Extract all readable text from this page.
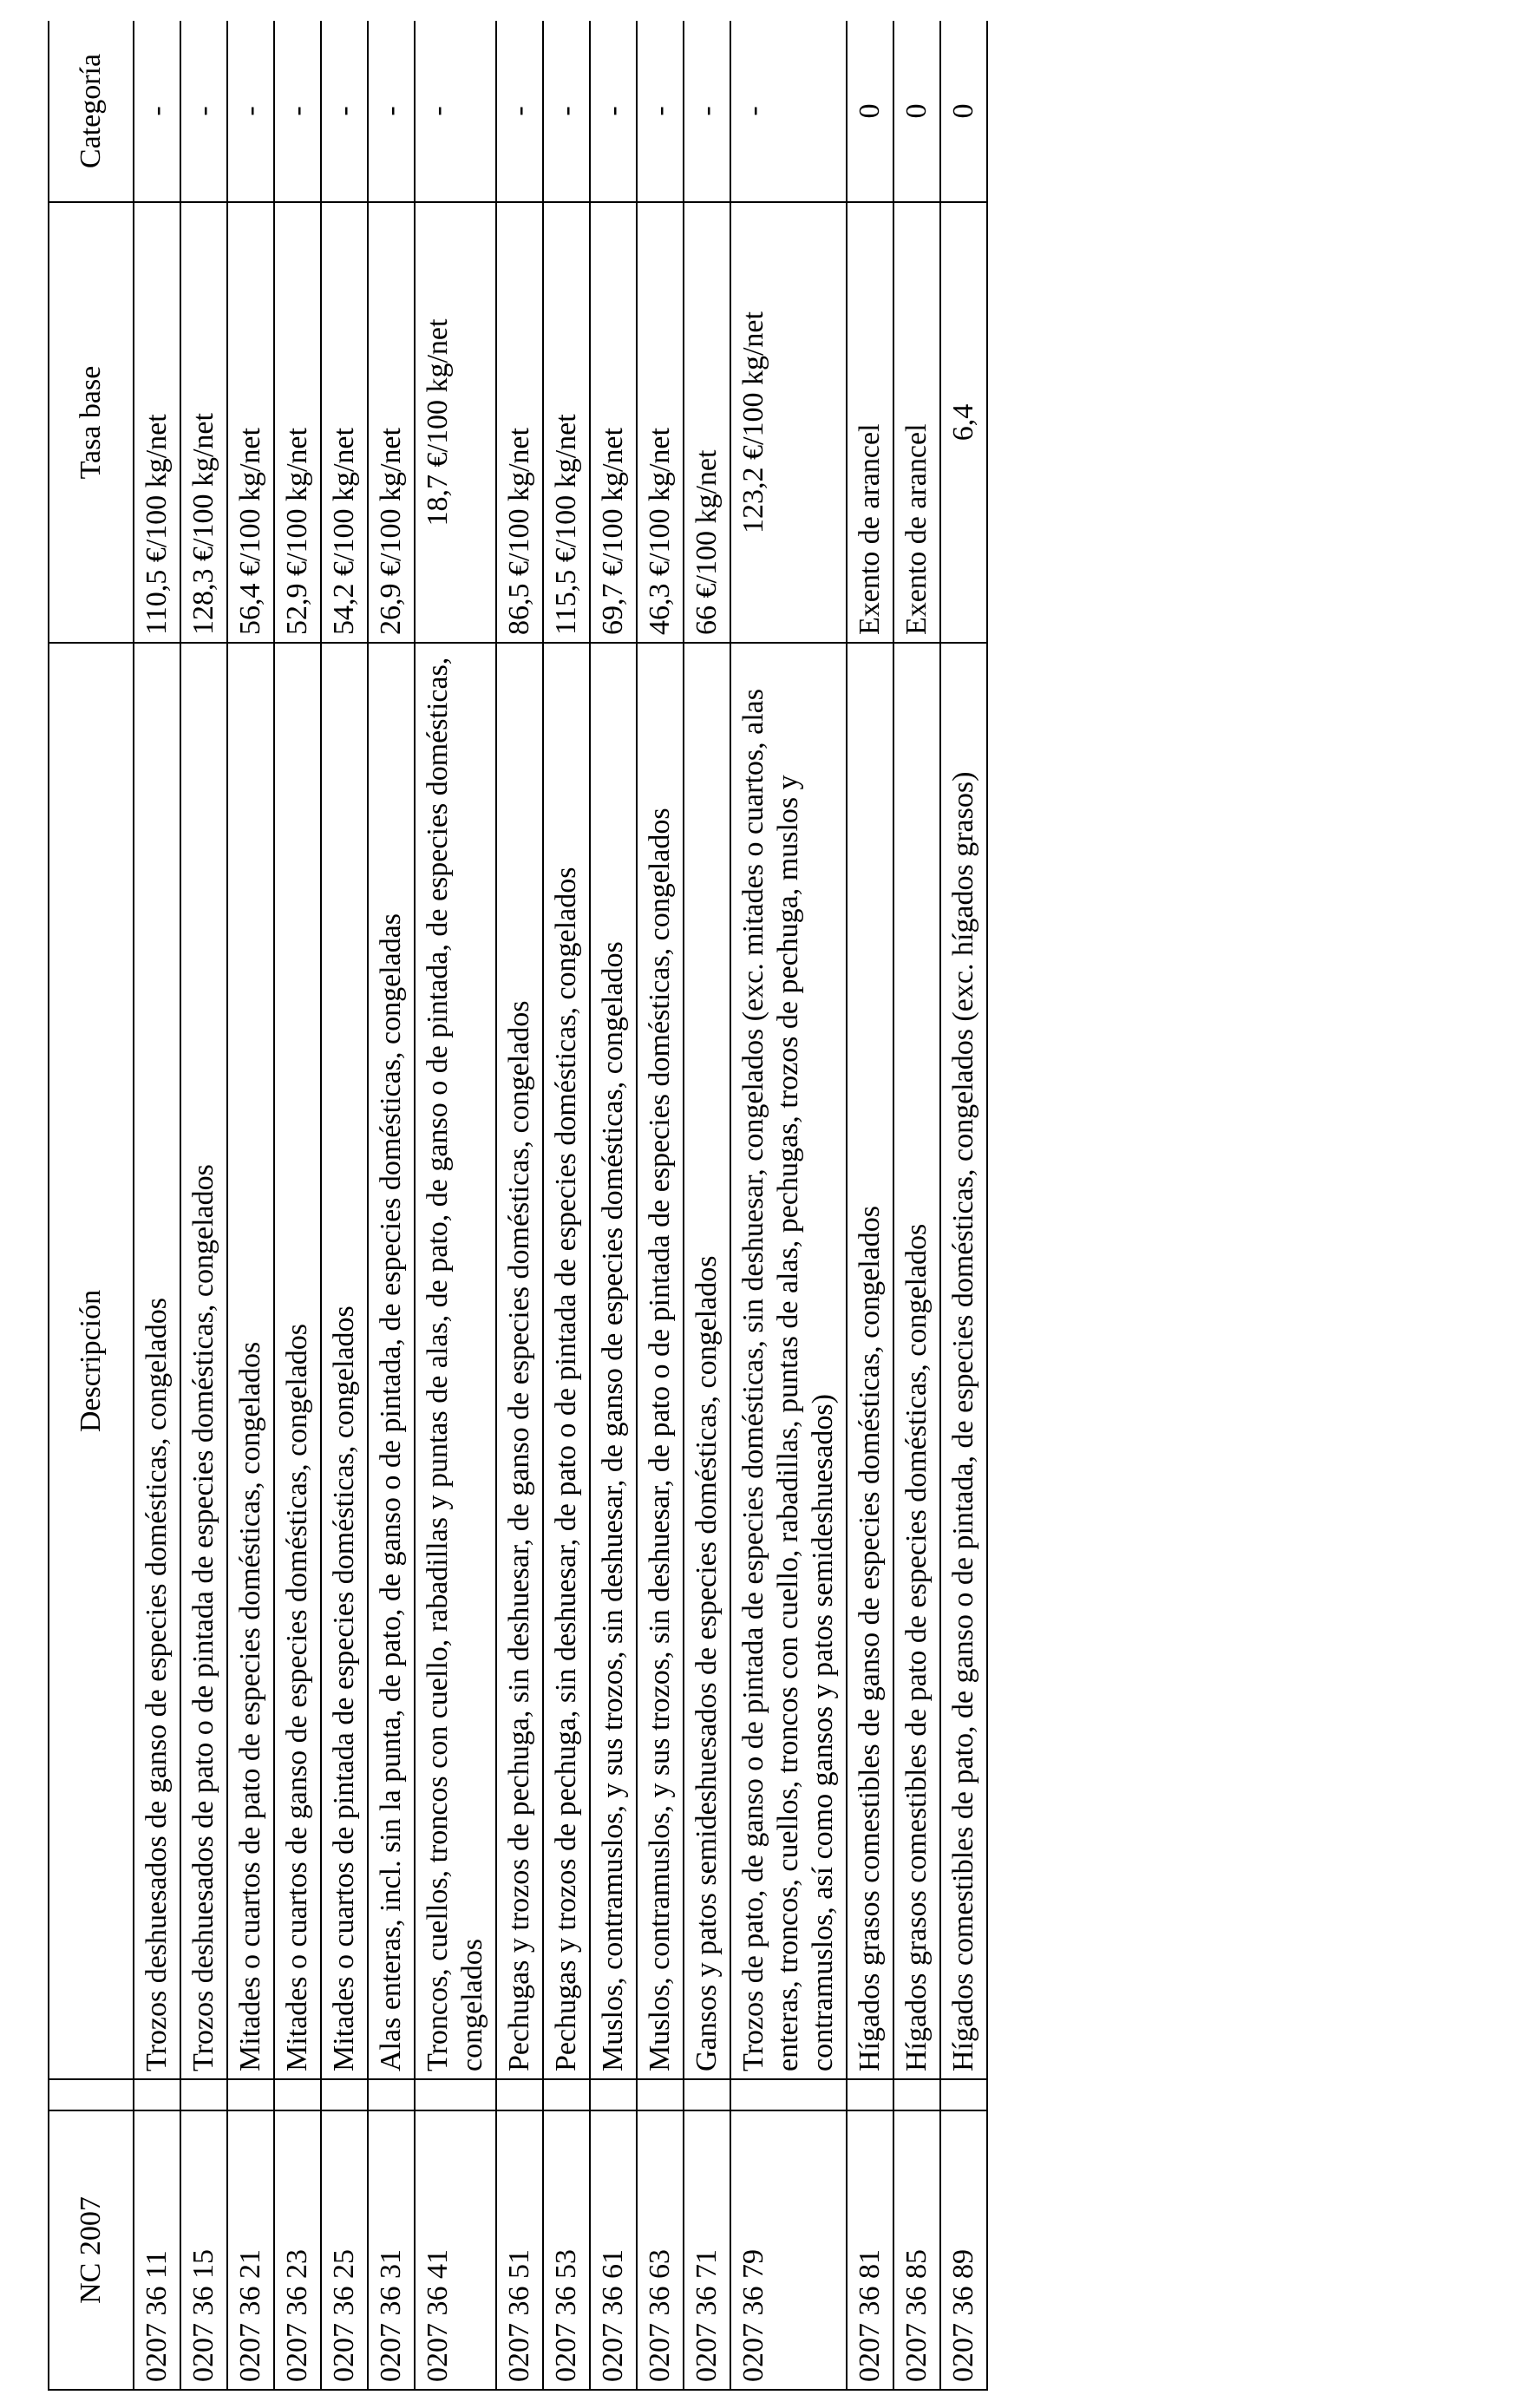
NC 2007		Descripción	Tasa base	Categoría
0207 36 11		Trozos deshuesados de ganso de especies domésticas, congelados	110,5 €/100 kg/net	-
0207 36 15		Trozos deshuesados de pato o de pintada de especies domésticas, congelados	128,3 €/100 kg/net	-
0207 36 21		Mitades o cuartos de pato de especies domésticas, congelados	56,4 €/100 kg/net	-
0207 36 23		Mitades o cuartos de ganso de especies domésticas, congelados	52,9 €/100 kg/net	-
0207 36 25		Mitades o cuartos de pintada de especies domésticas, congelados	54,2 €/100 kg/net	-
0207 36 31		Alas enteras, incl. sin la punta, de pato, de ganso o de pintada, de especies domésticas, congeladas	26,9 €/100 kg/net	-
0207 36 41		Troncos, cuellos, troncos con cuello, rabadillas y puntas de alas, de pato, de ganso o de pintada, de especies domésticas, congelados	18,7 €/100 kg/net	-
0207 36 51		Pechugas y trozos de pechuga, sin deshuesar, de ganso de especies domésticas, congelados	86,5 €/100 kg/net	-
0207 36 53		Pechugas y trozos de pechuga, sin deshuesar, de pato o de pintada de especies domésticas, congelados	115,5 €/100 kg/net	-
0207 36 61		Muslos, contramuslos, y sus trozos, sin deshuesar, de ganso de especies domésticas, congelados	69,7 €/100 kg/net	-
0207 36 63		Muslos, contramuslos, y sus trozos, sin deshuesar, de pato o de pintada de especies domésticas, congelados	46,3 €/100 kg/net	-
0207 36 71		Gansos y patos semideshuesados de especies domésticas, congelados	66 €/100 kg/net	-
0207 36 79		Trozos de pato, de ganso o de pintada de especies domésticas, sin deshuesar, congelados (exc. mitades o cuartos, alas enteras, troncos, cuellos, troncos con cuello, rabadillas, puntas de alas, pechugas, trozos de pechuga, muslos y contramuslos, así como gansos y patos semideshuesados)	123,2 €/100 kg/net	-
0207 36 81		Hígados grasos comestibles de ganso de especies domésticas, congelados	Exento de arancel	0
0207 36 85		Hígados grasos comestibles de pato de especies domésticas, congelados	Exento de arancel	0
0207 36 89		Hígados comestibles de pato, de ganso o de pintada, de especies domésticas, congelados (exc. hígados grasos)	6,4	0
